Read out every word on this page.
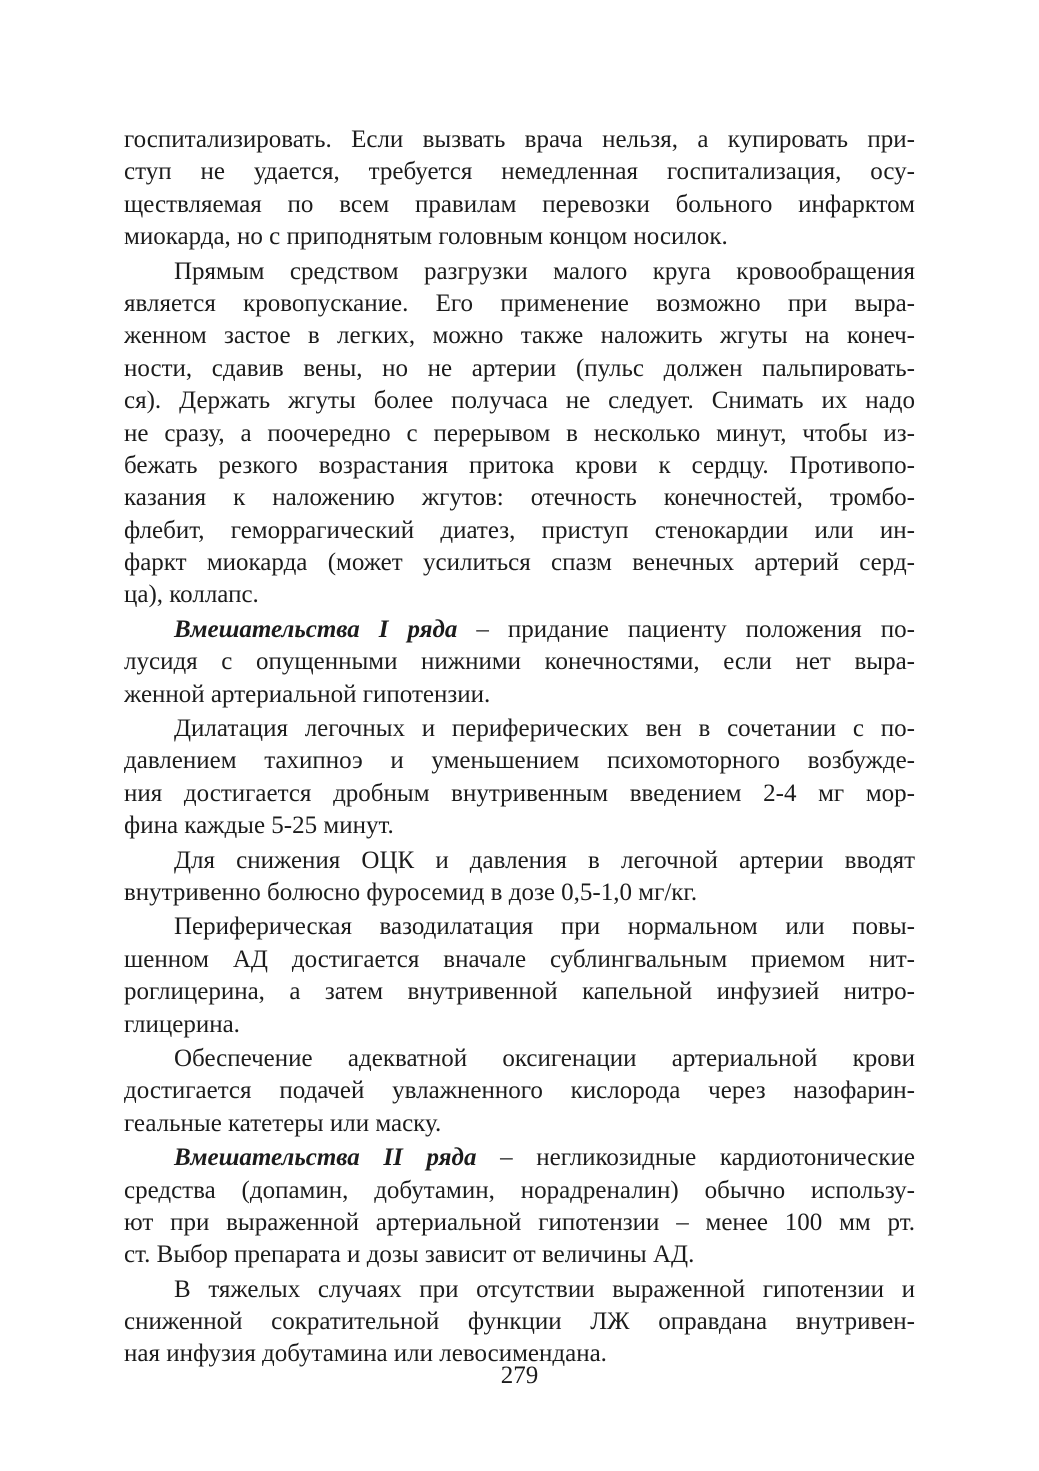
госпитализировать. Если вызвать врача нельзя, а купировать при-
ступ не удается, требуется немедленная госпитализация, осу-
ществляемая по всем правилам перевозки больного инфарктом
миокарда, но с приподнятым головным концом носилок.
Прямым средством разгрузки малого круга кровообращения
является кровопускание. Его применение возможно при выра-
женном застое в легких, можно также наложить жгуты на конеч-
ности, сдавив вены, но не артерии (пульс должен пальпировать-
ся). Держать жгуты более получаса не следует. Снимать их надо
не сразу, а поочередно с перерывом в несколько минут, чтобы из-
бежать резкого возрастания притока крови к сердцу. Противопо-
казания к наложению жгутов: отечность конечностей, тромбо-
флебит, геморрагический диатез, приступ стенокардии или ин-
фаркт миокарда (может усилиться спазм венечных артерий серд-
ца), коллапс.
Вмешательства I ряда – придание пациенту положения по-
лусидя с опущенными нижними конечностями, если нет выра-
женной артериальной гипотензии.
Дилатация легочных и периферических вен в сочетании с по-
давлением тахипноэ и уменьшением психомоторного возбужде-
ния достигается дробным внутривенным введением 2-4 мг мор-
фина каждые 5-25 минут.
Для снижения ОЦК и давления в легочной артерии вводят
внутривенно болюсно фуросемид в дозе 0,5-1,0 мг/кг.
Периферическая вазодилатация при нормальном или повы-
шенном АД достигается вначале сублингвальным приемом нит-
роглицерина, а затем внутривенной капельной инфузией нитро-
глицерина.
Обеспечение адекватной оксигенации артериальной крови
достигается подачей увлажненного кислорода через назофарин-
геальные катетеры или маску.
Вмешательства II ряда – негликозидные кардиотонические
средства (допамин, добутамин, норадреналин) обычно использу-
ют при выраженной артериальной гипотензии – менее 100 мм рт.
ст. Выбор препарата и дозы зависит от величины АД.
В тяжелых случаях при отсутствии выраженной гипотензии и
сниженной сократительной функции ЛЖ оправдана внутривен-
ная инфузия добутамина или левосимендана.
279
